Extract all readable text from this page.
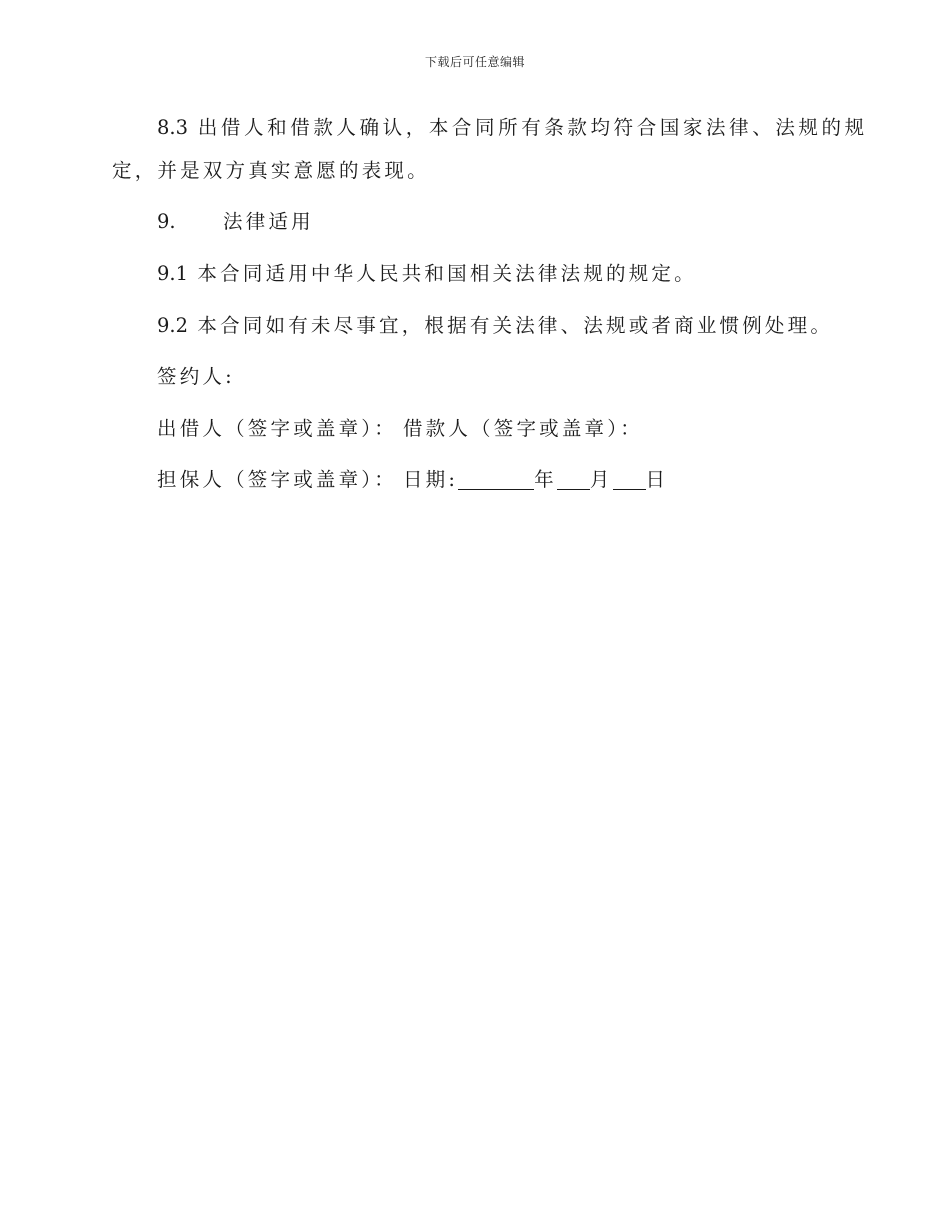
下载后可任意编辑
8.3 出借人和借款人确认，本合同所有条款均符合国家法律、法规的规
定，并是双方真实意愿的表现。
9. 法律适用
9.1 本合同适用中华人民共和国相关法律法规的规定。
9.2 本合同如有未尽事宜，根据有关法律、法规或者商业惯例处理。
签约人:
出借人（签字或盖章）： 借款人（签字或盖章）：
担保人（签字或盖章）： 日期:	年 月 日
